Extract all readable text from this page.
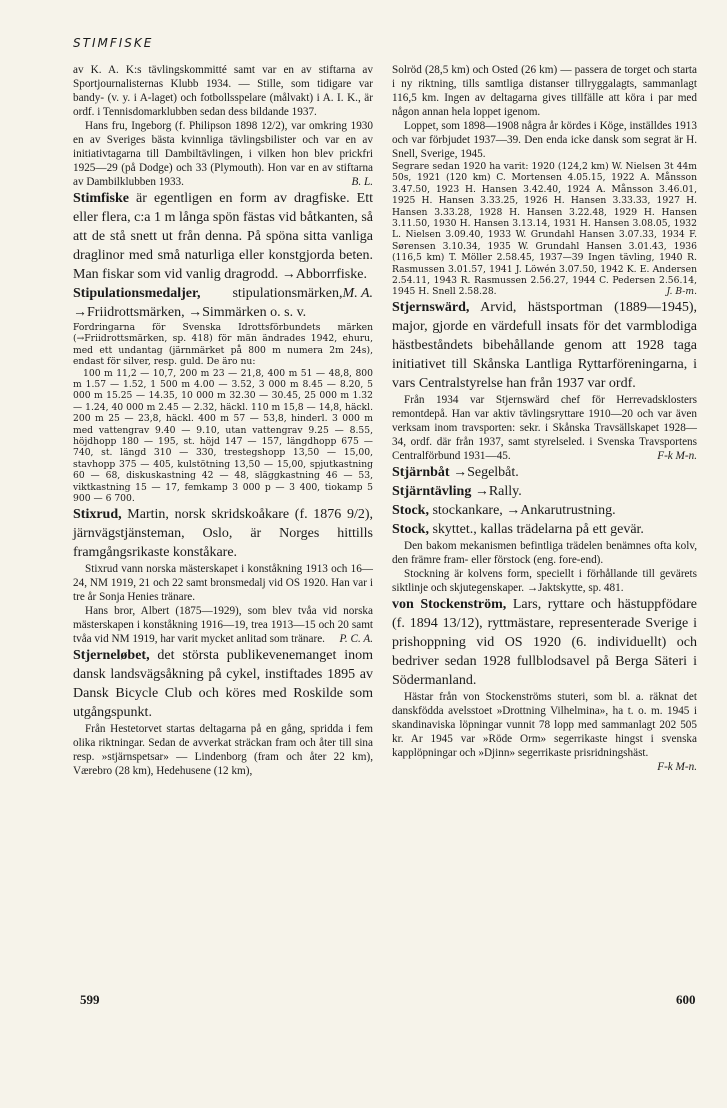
STIMFISKE

av K. A. K:s tävlingskommitté samt var en av stiftarna av Sportjournalisternas Klubb 1934. — Stille, som tidigare var bandy- (v. y. i A-laget) och fotbollsspelare (målvakt) i A. I. K., är ordf. i Tennisdomarklubben sedan dess bildande 1937.

Hans fru, Ingeborg (f. Philipson 1898 12/2), var omkring 1930 en av Sveriges bästa kvinnliga tävlingsbilister och var en av initiativtagarna till Dambiltävlingen, i vilken hon blev prickfri 1925—29 (på Dodge) och 33 (Plymouth). Hon var en av stiftarna av Dambilklubben 1933.	B. L.

Stimfiske är egentligen en form av dragfiske. Ett eller flera, c:a 1 m långa spön fästas vid båtkanten, så att de stå snett ut från denna. På spöna sitta vanliga draglinor med små naturliga eller konstgjorda beten. Man fiskar som vid vanlig dragrodd. →Abborrfiske.
M. A.

Stipulationsmedaljer, stipulationsmärken, →Friidrottsmärken, →Simmärken o. s. v.

Fordringarna för Svenska Idrottsförbundets märken (→Friidrottsmärken, sp. 418) för män ändrades 1942, ehuru, med ett undantag (järnmärket på 800 m numera 2m 24s), endast för silver, resp. guld. De äro nu:

100 m 11,2 — 10,7, 200 m 23 — 21,8, 400 m 51 — 48,8, 800 m 1.57 — 1.52, 1 500 m 4.00 — 3.52, 3 000 m 8.45 — 8.20, 5 000 m 15.25 — 14.35, 10 000 m 32.30 — 30.45, 25 000 m 1.32 — 1.24, 40 000 m 2.45 — 2.32, häckl. 110 m 15,8 — 14,8, häckl. 200 m 25 — 23,8, häckl. 400 m 57 — 53,8, hinderl. 3 000 m med vattengrav 9.40 — 9.10, utan vattengrav 9.25 — 8.55, höjdhopp 180 — 195, st. höjd 147 — 157, längdhopp 675 — 740, st. längd 310 — 330, trestegshopp 13,50 — 15,00, stavhopp 375 — 405, kulstötning 13,50 — 15,00, spjutkastning 60 — 68, diskuskastning 42 — 48, släggkastning 46 — 53, viktkastning 15 — 17, femkamp 3 000 p — 3 400, tiokamp 5 900 — 6 700.

Stixrud, Martin, norsk skridskoåkare (f. 1876 9/2), järnvägstjänsteman, Oslo, är Norges hittills framgångsrikaste konståkare.

Stixrud vann norska mästerskapet i konståkning 1913 och 16—24, NM 1919, 21 och 22 samt bronsmedalj vid OS 1920. Han var i tre år Sonja Henies tränare.

Hans bror, Albert (1875—1929), som blev tvåa vid norska mästerskapen i konståkning 1916—19, trea 1913—15 och 20 samt tvåa vid NM 1919, har varit mycket anlitad som tränare.	P. C. A.

Stjerneløbet, det största publikevenemanget inom dansk landsvägsåkning på cykel, instiftades 1895 av Dansk Bicycle Club och köres med Roskilde som utgångspunkt.

Från Hestetorvet startas deltagarna på en gång, spridda i fem olika riktningar. Sedan de avverkat sträckan fram och åter till sina resp. »stjärnspetsar» — Lindenborg (fram och åter 22 km), Værebro (28 km), Hedehusene (12 km),

Solröd (28,5 km) och Osted (26 km) — passera de torget och starta i ny riktning, tills samtliga distanser tillryggalagts, sammanlagt 116,5 km. Ingen av deltagarna gives tillfälle att köra i par med någon annan hela loppet igenom.

Loppet, som 1898—1908 några år kördes i Köge, inställdes 1913 och var förbjudet 1937—39. Den enda icke dansk som segrat är H. Snell, Sverige, 1945.

Segrare sedan 1920 ha varit: 1920 (124,2 km) W. Nielsen 3t 44m 50s, 1921 (120 km) C. Mortensen 4.05.15, 1922 A. Månsson 3.47.50, 1923 H. Hansen 3.42.40, 1924 A. Månsson 3.46.01, 1925 H. Hansen 3.33.25, 1926 H. Hansen 3.33.33, 1927 H. Hansen 3.33.28, 1928 H. Hansen 3.22.48, 1929 H. Hansen 3.11.50, 1930 H. Hansen 3.13.14, 1931 H. Hansen 3.08.05, 1932 L. Nielsen 3.09.40, 1933 W. Grundahl Hansen 3.07.33, 1934 F. Sørensen 3.10.34, 1935 W. Grundahl Hansen 3.01.43, 1936 (116,5 km) T. Möller 2.58.45, 1937—39 Ingen tävling, 1940 R. Rasmussen 3.01.57, 1941 J. Löwén 3.07.50, 1942 K. E. Andersen 2.54.11, 1943 R. Rasmussen 2.56.27, 1944 C. Pedersen 2.56.14, 1945 H. Snell 2.58.28.	J. B-m.

Stjernswärd, Arvid, hästsportman (1889—1945), major, gjorde en värdefull insats för det varmblodiga hästbeståndets bibehållande genom att 1928 taga initiativet till Skånska Lantliga Ryttarföreningarna, i vars Centralstyrelse han från 1937 var ordf.

Från 1934 var Stjernswärd chef för Herrevadsklosters remontdepå. Han var aktiv tävlingsryttare 1910—20 och var även verksam inom travsporten: sekr. i Skånska Travsällskapet 1928—34, ordf. där från 1937, samt styrelseled. i Svenska Travsportens Centralförbund 1931—45.	F-k M-n.

Stjärnbåt →Segelbåt.

Stjärntävling →Rally.

Stock, stockankare, →Ankarutrustning.

Stock, skyttet., kallas trädelarna på ett gevär.

Den bakom mekanismen befintliga trädelen benämnes ofta kolv, den främre fram- eller förstock (eng. fore-end).

Stockning är kolvens form, speciellt i förhållande till gevärets siktlinje och skjutegenskaper. →Jaktskytte, sp. 481.

von Stockenström, Lars, ryttare och hästuppfödare (f. 1894 13/12), ryttmästare, representerade Sverige i prishoppning vid OS 1920 (6. individuellt) och bedriver sedan 1928 fullblodsavel på Berga Säteri i Södermanland.

Hästar från von Stockenströms stuteri, som bl. a. räknat det danskfödda avelsstoet »Drottning Vilhelmina», ha t. o. m. 1945 i skandinaviska löpningar vunnit 78 lopp med sammanlagt 202 505 kr. Ar 1945 var »Röde Orm» segerrikaste hingst i svenska kapplöpningar och »Djinn» segerrikaste prisridningshäst.
F-k M-n.

599	600
